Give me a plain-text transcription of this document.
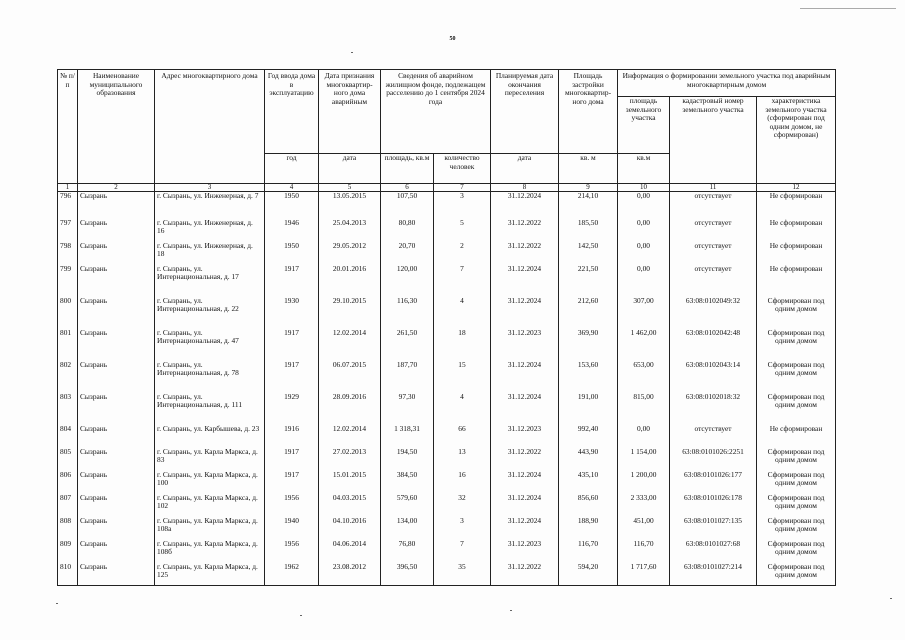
50
№ п/п	Наименование муниципального образования	Адрес многоквартирного дома	Год ввода дома в эксплуатацию	Дата признания многоквартир-ного дома аварийным	Сведения об аварийном жилищном фонде, подлежащем расселению до 1 сентября 2024 года		Планируемая дата окончания переселения	Площадь застройки многоквартир-ного дома	Информация о формировании земельного участка под аварийным многоквартирным домом		
									площадь земельного участка	кадастровый номер земельного участка	характеристика земельного участка (сформирован под одним домом, не сформирован)
			год	дата	площадь, кв.м	количество человек	дата	кв. м	кв.м		
1	2	3	4	5	6	7	8	9	10	11	12
796	Сызрань	г. Сызрань, ул. Инженерная, д. 7	1950	13.05.2015	107,50	3	31.12.2024	214,10	0,00	отсутствует	Не сформирован
797	Сызрань	г. Сызрань, ул. Инженерная, д. 16	1946	25.04.2013	80,80	5	31.12.2022	185,50	0,00	отсутствует	Не сформирован
798	Сызрань	г. Сызрань, ул. Инженерная, д. 18	1950	29.05.2012	20,70	2	31.12.2022	142,50	0,00	отсутствует	Не сформирован
799	Сызрань	г. Сызрань, ул. Интернациональная, д. 17	1917	20.01.2016	120,00	7	31.12.2024	221,50	0,00	отсутствует	Не сформирован
800	Сызрань	г. Сызрань, ул. Интернациональная, д. 22	1930	29.10.2015	116,30	4	31.12.2024	212,60	307,00	63:08:0102049:32	Сформирован под одним домом
801	Сызрань	г. Сызрань, ул. Интернациональная, д. 47	1917	12.02.2014	261,50	18	31.12.2023	369,90	1 462,00	63:08:0102042:48	Сформирован под одним домом
802	Сызрань	г. Сызрань, ул. Интернациональная, д. 78	1917	06.07.2015	187,70	15	31.12.2024	153,60	653,00	63:08:0102043:14	Сформирован под одним домом
803	Сызрань	г. Сызрань, ул. Интернациональная, д. 111	1929	28.09.2016	97,30	4	31.12.2024	191,00	815,00	63:08:0102018:32	Сформирован под одним домом
804	Сызрань	г. Сызрань, ул. Карбышева, д. 23	1916	12.02.2014	1 318,31	66	31.12.2023	992,40	0,00	отсутствует	Не сформирован
805	Сызрань	г. Сызрань, ул. Карла Маркса, д. 83	1917	27.02.2013	194,50	13	31.12.2022	443,90	1 154,00	63:08:0101026:2251	Сформирован под одним домом
806	Сызрань	г. Сызрань, ул. Карла Маркса, д. 100	1917	15.01.2015	384,50	16	31.12.2024	435,10	1 200,00	63:08:0101026:177	Сформирован под одним домом
807	Сызрань	г. Сызрань, ул. Карла Маркса, д. 102	1956	04.03.2015	579,60	32	31.12.2024	856,60	2 333,00	63:08:0101026:178	Сформирован под одним домом
808	Сызрань	г. Сызрань, ул. Карла Маркса, д. 108а	1940	04.10.2016	134,00	3	31.12.2024	188,90	451,00	63:08:0101027:135	Сформирован под одним домом
809	Сызрань	г. Сызрань, ул. Карла Маркса, д. 108б	1956	04.06.2014	76,80	7	31.12.2023	116,70	116,70	63:08:0101027:68	Сформирован под одним домом
810	Сызрань	г. Сызрань, ул. Карла Маркса, д. 125	1962	23.08.2012	396,50	35	31.12.2022	594,20	1 717,60	63:08:0101027:214	Сформирован под одним домом
